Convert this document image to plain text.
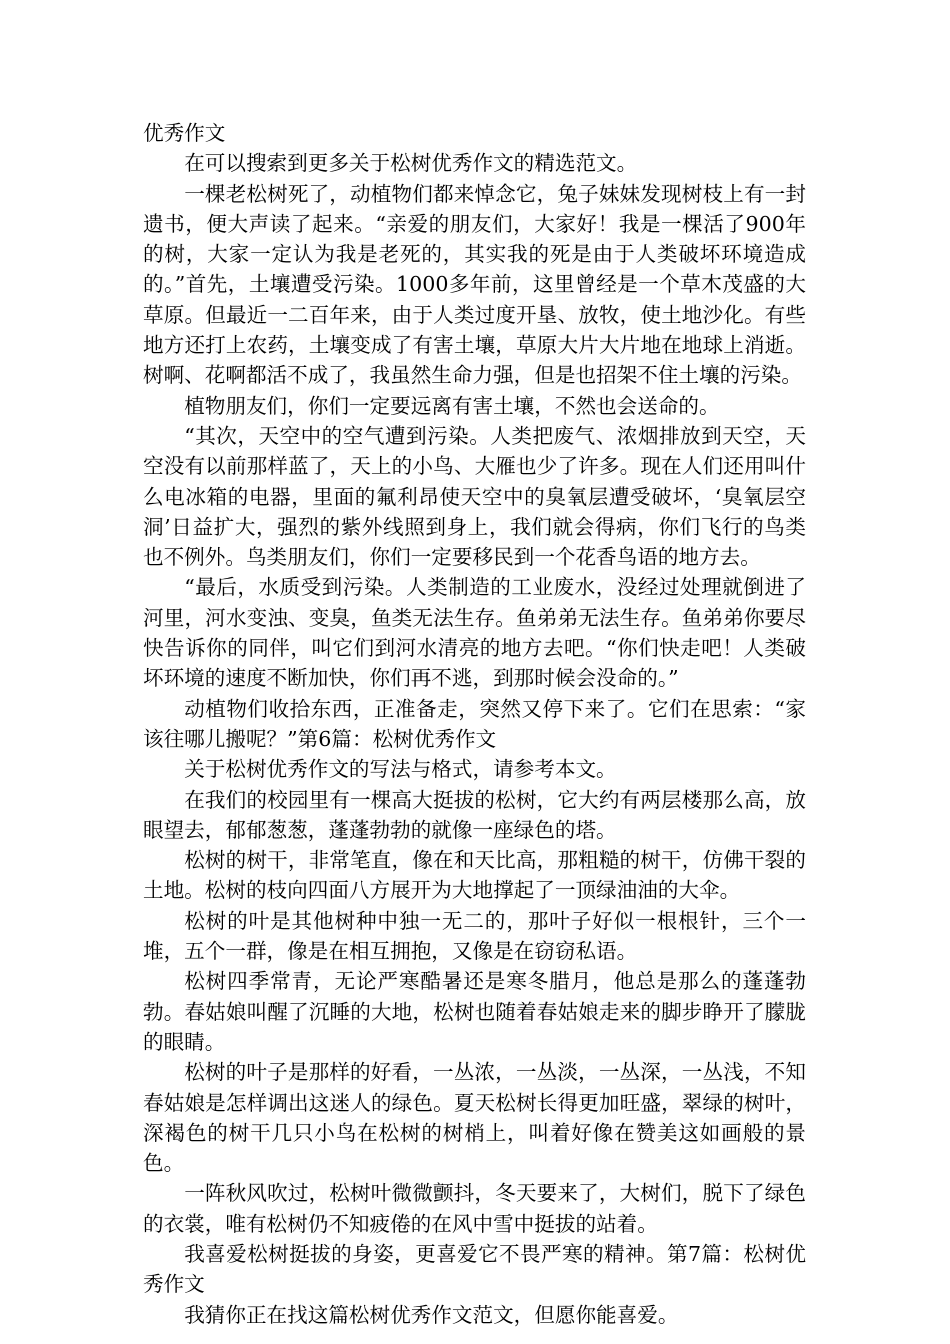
优秀作文

在可以搜索到更多关于松树优秀作文的精选范文。

一棵老松树死了，动植物们都来悼念它，兔子妹妹发现树枝上有一封遗书，便大声读了起来。“亲爱的朋友们，大家好！我是一棵活了900年的树，大家一定认为我是老死的，其实我的死是由于人类破坏环境造成的。”首先，土壤遭受污染。1000多年前，这里曾经是一个草木茂盛的大草原。但最近一二百年来，由于人类过度开垦、放牧，使土地沙化。有些地方还打上农药，土壤变成了有害土壤，草原大片大片地在地球上消逝。树啊、花啊都活不成了，我虽然生命力强，但是也招架不住土壤的污染。

植物朋友们，你们一定要远离有害土壤，不然也会送命的。

“其次，天空中的空气遭到污染。人类把废气、浓烟排放到天空，天空没有以前那样蓝了，天上的小鸟、大雁也少了许多。现在人们还用叫什么电冰箱的电器，里面的氟利昂使天空中的臭氧层遭受破坏，‘臭氧层空洞’日益扩大，强烈的紫外线照到身上，我们就会得病，你们飞行的鸟类也不例外。鸟类朋友们，你们一定要移民到一个花香鸟语的地方去。

“最后，水质受到污染。人类制造的工业废水，没经过处理就倒进了河里，河水变浊、变臭，鱼类无法生存。鱼弟弟无法生存。鱼弟弟你要尽快告诉你的同伴，叫它们到河水清亮的地方去吧。“你们快走吧！人类破坏环境的速度不断加快，你们再不逃，到那时候会没命的。”

动植物们收拾东西，正准备走，突然又停下来了。它们在思索：“家该往哪儿搬呢？”第6篇：松树优秀作文

关于松树优秀作文的写法与格式，请参考本文。

在我们的校园里有一棵高大挺拔的松树，它大约有两层楼那么高，放眼望去，郁郁葱葱，蓬蓬勃勃的就像一座绿色的塔。

松树的树干，非常笔直，像在和天比高，那粗糙的树干，仿佛干裂的土地。松树的枝向四面八方展开为大地撑起了一顶绿油油的大伞。

松树的叶是其他树种中独一无二的，那叶子好似一根根针，三个一堆，五个一群，像是在相互拥抱，又像是在窃窃私语。

松树四季常青，无论严寒酷暑还是寒冬腊月，他总是那么的蓬蓬勃勃。春姑娘叫醒了沉睡的大地，松树也随着春姑娘走来的脚步睁开了朦胧的眼睛。

松树的叶子是那样的好看，一丛浓，一丛淡，一丛深，一丛浅，不知春姑娘是怎样调出这迷人的绿色。夏天松树长得更加旺盛，翠绿的树叶，深褐色的树干几只小鸟在松树的树梢上，叫着好像在赞美这如画般的景色。

一阵秋风吹过，松树叶微微颤抖，冬天要来了，大树们，脱下了绿色的衣裳，唯有松树仍不知疲倦的在风中雪中挺拔的站着。

我喜爱松树挺拔的身姿，更喜爱它不畏严寒的精神。第7篇：松树优秀作文

我猜你正在找这篇松树优秀作文范文，但愿你能喜爱。
